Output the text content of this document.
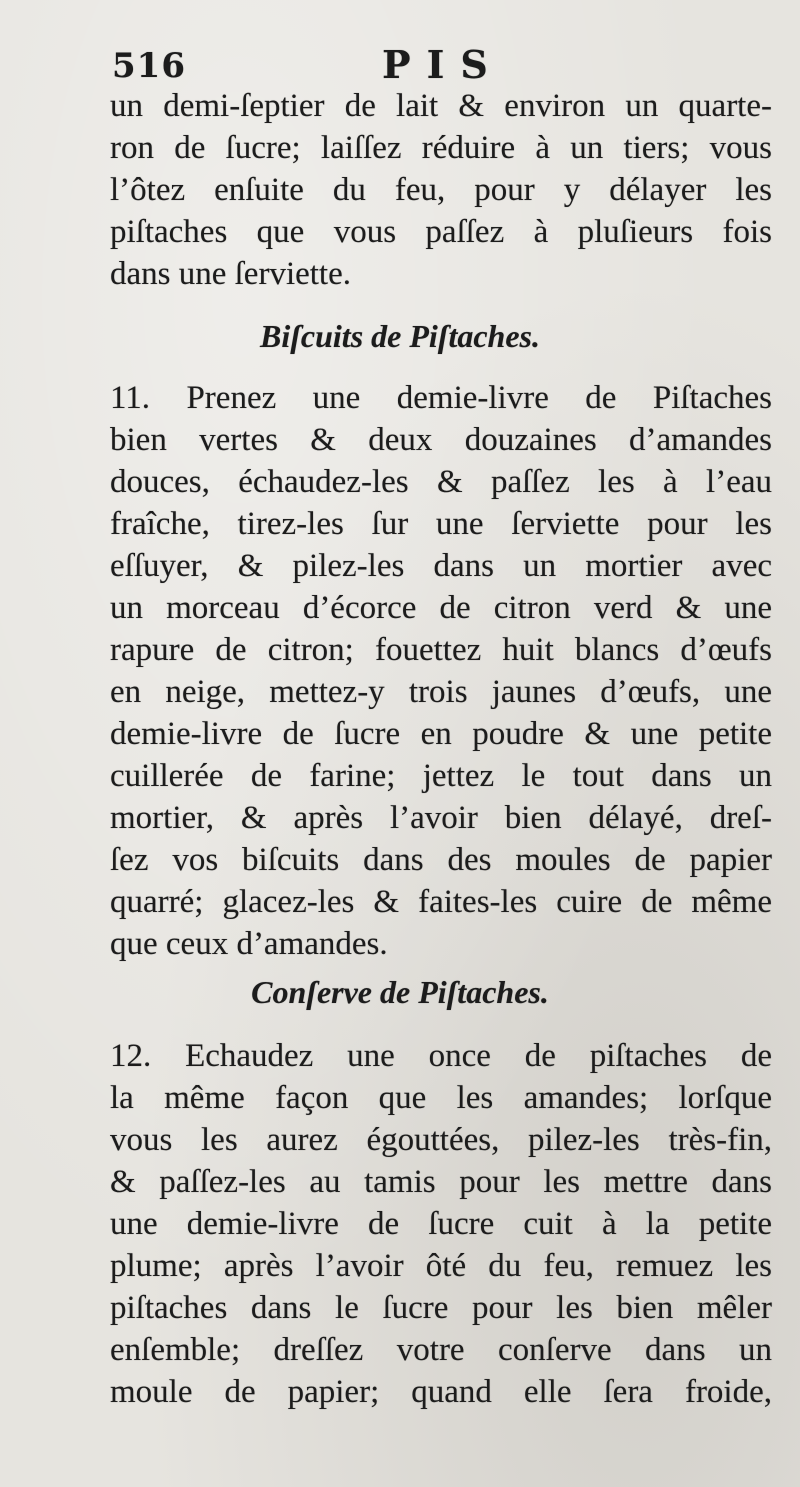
516	PIS
un demi-ſeptier de lait & environ un quarte-
ron de ſucre; laiſſez réduire à un tiers; vous
l’ôtez enſuite du feu, pour y délayer les
piſtaches que vous paſſez à pluſieurs fois
dans une ſerviette.
Biſcuits de Piſtaches.
11. Prenez une demie-livre de Piſtaches
bien vertes & deux douzaines d’amandes
douces, échaudez-les & paſſez les à l’eau
fraîche, tirez-les ſur une ſerviette pour les
eſſuyer, & pilez-les dans un mortier avec
un morceau d’écorce de citron verd & une
rapure de citron; fouettez huit blancs d’œufs
en neige, mettez-y trois jaunes d’œufs, une
demie-livre de ſucre en poudre & une petite
cuillerée de farine; jettez le tout dans un
mortier, & après l’avoir bien délayé, dreſ-
ſez vos biſcuits dans des moules de papier
quarré; glacez-les & faites-les cuire de même
que ceux d’amandes.
Conſerve de Piſtaches.
12. Echaudez une once de piſtaches de
la même façon que les amandes; lorſque
vous les aurez égouttées, pilez-les très-fin,
& paſſez-les au tamis pour les mettre dans
une demie-livre de ſucre cuit à la petite
plume; après l’avoir ôté du feu, remuez les
piſtaches dans le ſucre pour les bien mêler
enſemble; dreſſez votre conſerve dans un
moule de papier; quand elle ſera froide,
